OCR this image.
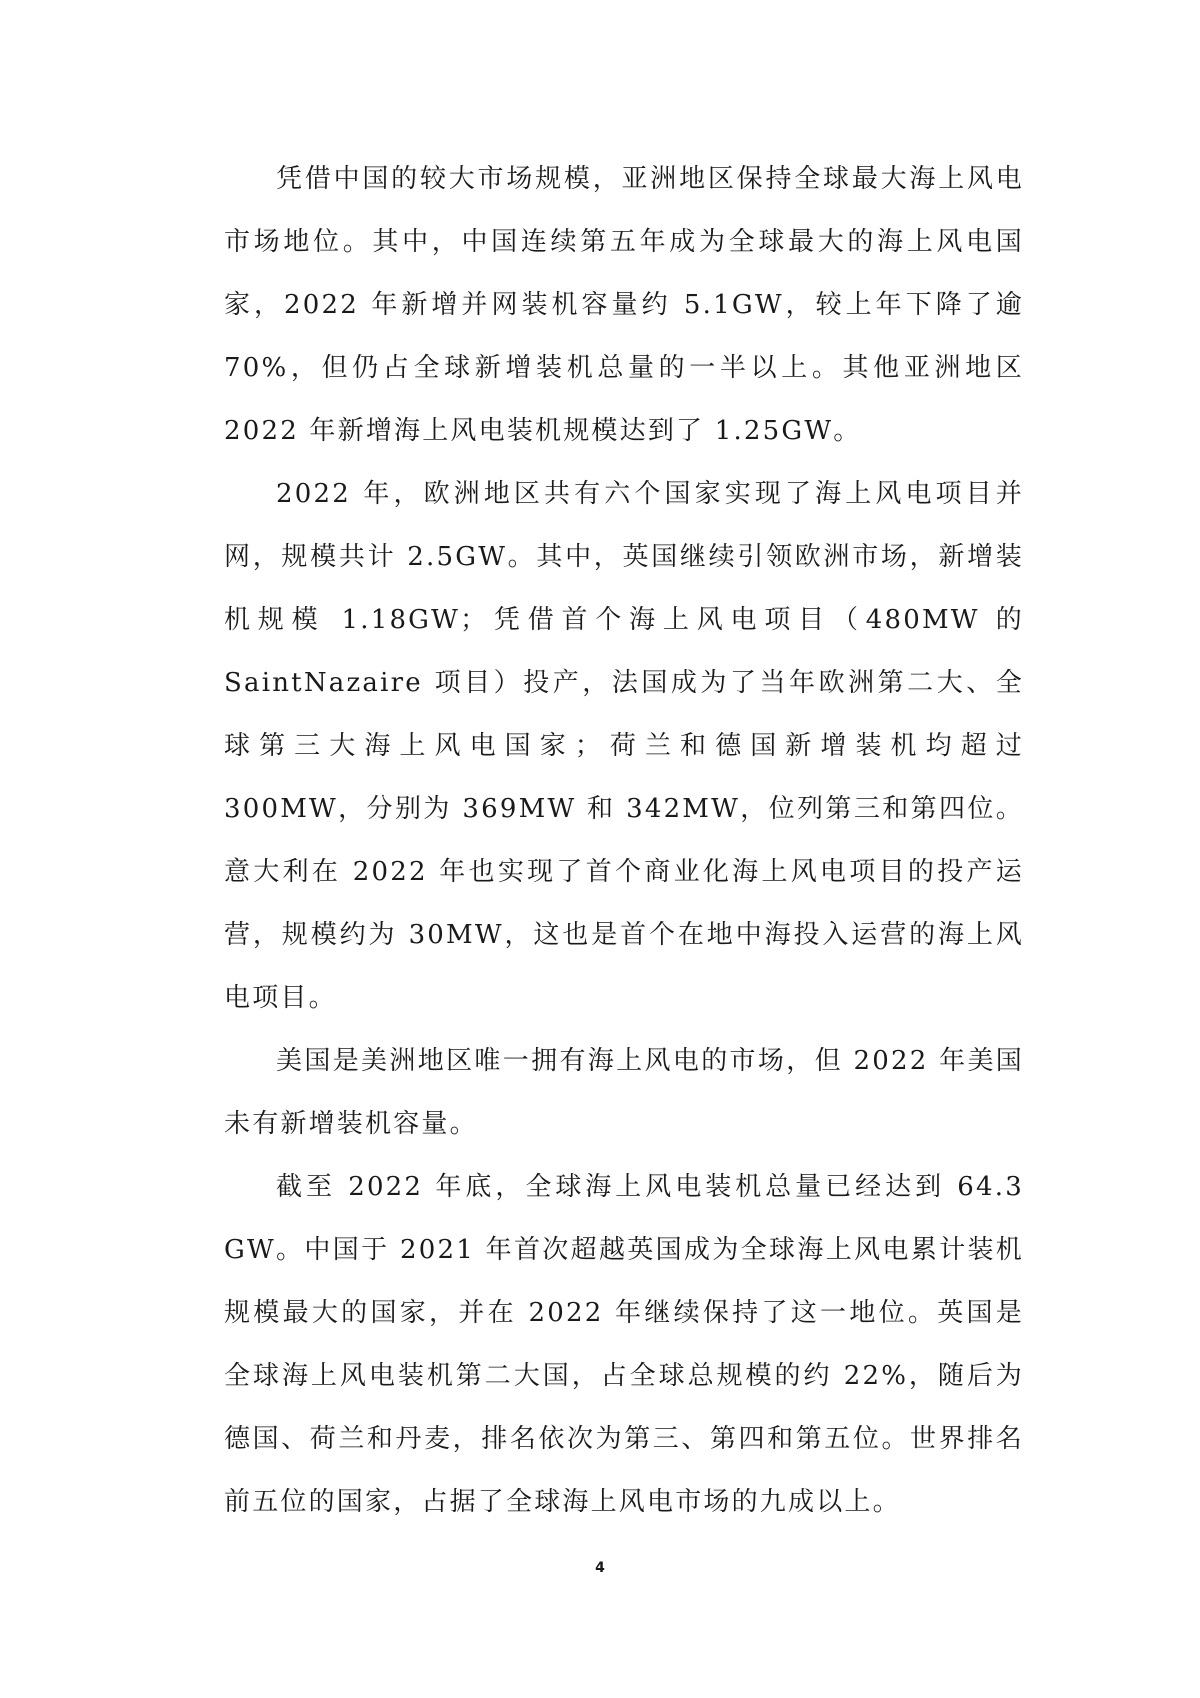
凭借中国的较大市场规模，亚洲地区保持全球最大海上风电市场地位。其中，中国连续第五年成为全球最大的海上风电国家，2022 年新增并网装机容量约 5.1GW，较上年下降了逾 70%，但仍占全球新增装机总量的一半以上。其他亚洲地区 2022 年新增海上风电装机规模达到了 1.25GW。

2022 年，欧洲地区共有六个国家实现了海上风电项目并网，规模共计 2.5GW。其中，英国继续引领欧洲市场，新增装机规模 1.18GW；凭借首个海上风电项目（480MW 的 SaintNazaire 项目）投产，法国成为了当年欧洲第二大、全球第三大海上风电国家；荷兰和德国新增装机均超过 300MW，分别为 369MW 和 342MW，位列第三和第四位。意大利在 2022 年也实现了首个商业化海上风电项目的投产运营，规模约为 30MW，这也是首个在地中海投入运营的海上风电项目。

美国是美洲地区唯一拥有海上风电的市场，但 2022 年美国未有新增装机容量。

截至 2022 年底，全球海上风电装机总量已经达到 64.3 GW。中国于 2021 年首次超越英国成为全球海上风电累计装机规模最大的国家，并在 2022 年继续保持了这一地位。英国是全球海上风电装机第二大国，占全球总规模的约 22%，随后为德国、荷兰和丹麦，排名依次为第三、第四和第五位。世界排名前五位的国家，占据了全球海上风电市场的九成以上。

4
